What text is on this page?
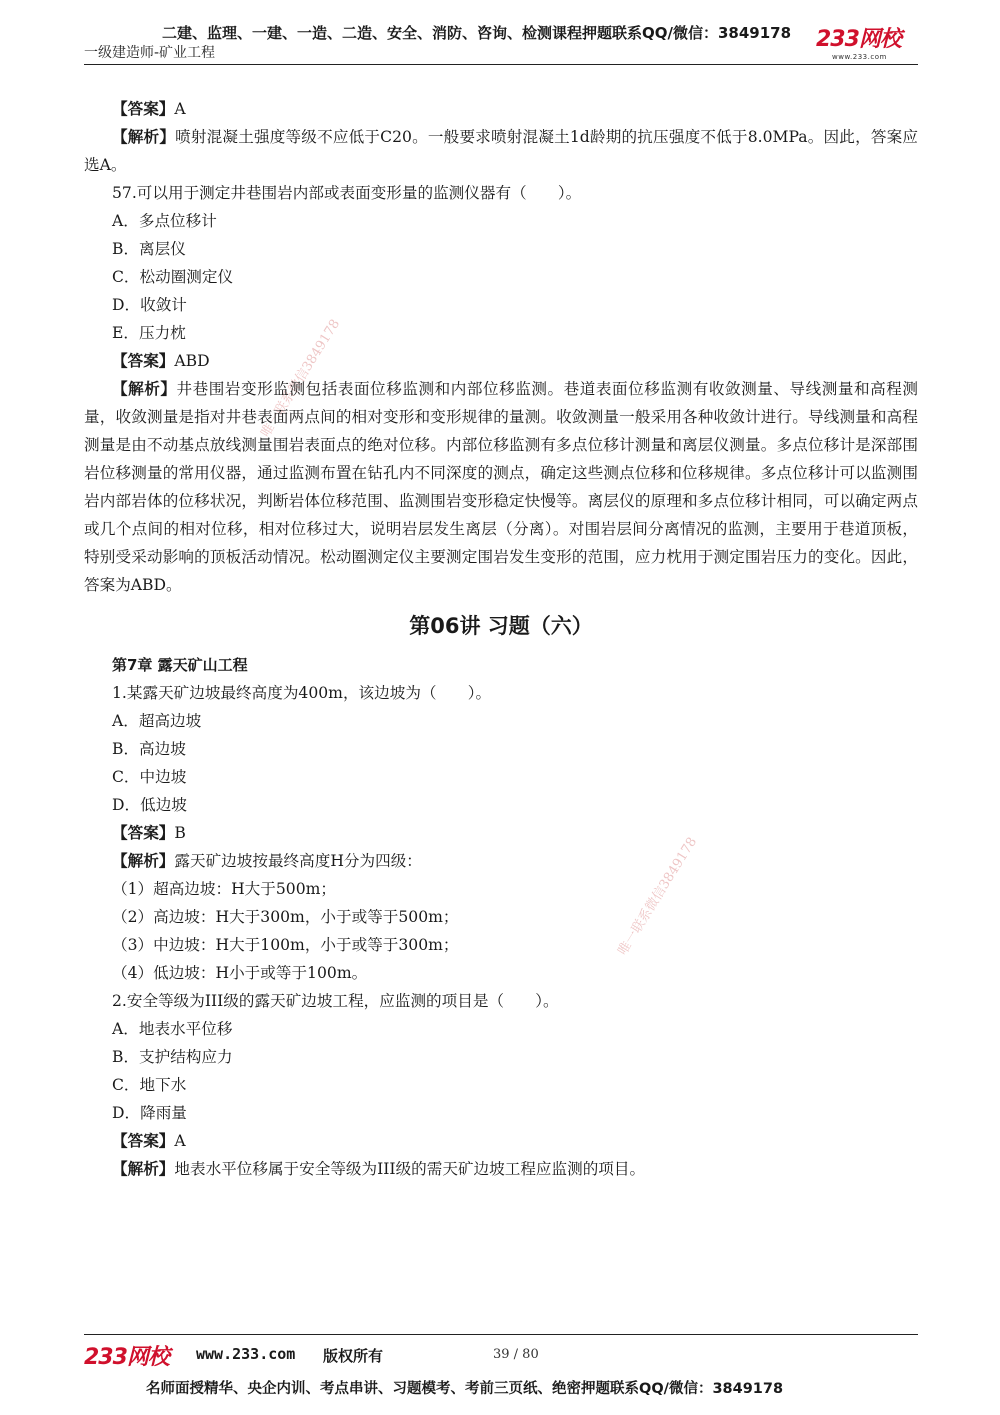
二建、监理、一建、一造、二造、安全、消防、咨询、检测课程押题联系QQ/微信：3849178
一级建造师-矿业工程
233网校
www.233.com
唯一联系微信3849178
唯一联系微信3849178

【答案】A

【解析】喷射混凝土强度等级不应低于C20。一般要求喷射混凝土1d龄期的抗压强度不低于8.0MPa。因此，答案应选A。

57.可以用于测定井巷围岩内部或表面变形量的监测仪器有（　　）。

A．多点位移计

B．离层仪

C．松动圈测定仪

D．收敛计

E．压力枕

【答案】ABD

【解析】井巷围岩变形监测包括表面位移监测和内部位移监测。巷道表面位移监测有收敛测量、导线测量和高程测量，收敛测量是指对井巷表面两点间的相对变形和变形规律的量测。收敛测量一般采用各种收敛计进行。导线测量和高程测量是由不动基点放线测量围岩表面点的绝对位移。内部位移监测有多点位移计测量和离层仪测量。多点位移计是深部围岩位移测量的常用仪器，通过监测布置在钻孔内不同深度的测点，确定这些测点位移和位移规律。多点位移计可以监测围岩内部岩体的位移状况，判断岩体位移范围、监测围岩变形稳定快慢等。离层仪的原理和多点位移计相同，可以确定两点或几个点间的相对位移，相对位移过大，说明岩层发生离层（分离）。对围岩层间分离情况的监测，主要用于巷道顶板，特别受采动影响的顶板活动情况。松动圈测定仪主要测定围岩发生变形的范围，应力枕用于测定围岩压力的变化。因此，答案为ABD。

第06讲 习题（六）

第7章 露天矿山工程

1.某露天矿边坡最终高度为400m，该边坡为（　　）。

A．超高边坡

B．高边坡

C．中边坡

D．低边坡

【答案】B

【解析】露天矿边坡按最终高度H分为四级：

（1）超高边坡：H大于500m；

（2）高边坡：H大于300m，小于或等于500m；

（3）中边坡：H大于100m，小于或等于300m；

（4）低边坡：H小于或等于100m。

2.安全等级为III级的露天矿边坡工程，应监测的项目是（　　）。

A．地表水平位移

B．支护结构应力

C．地下水

D．降雨量

【答案】A

【解析】地表水平位移属于安全等级为III级的需天矿边坡工程应监测的项目。

233网校 www.233.com 版权所有	39 / 80
名师面授精华、央企内训、考点串讲、习题模考、考前三页纸、绝密押题联系QQ/微信：3849178
